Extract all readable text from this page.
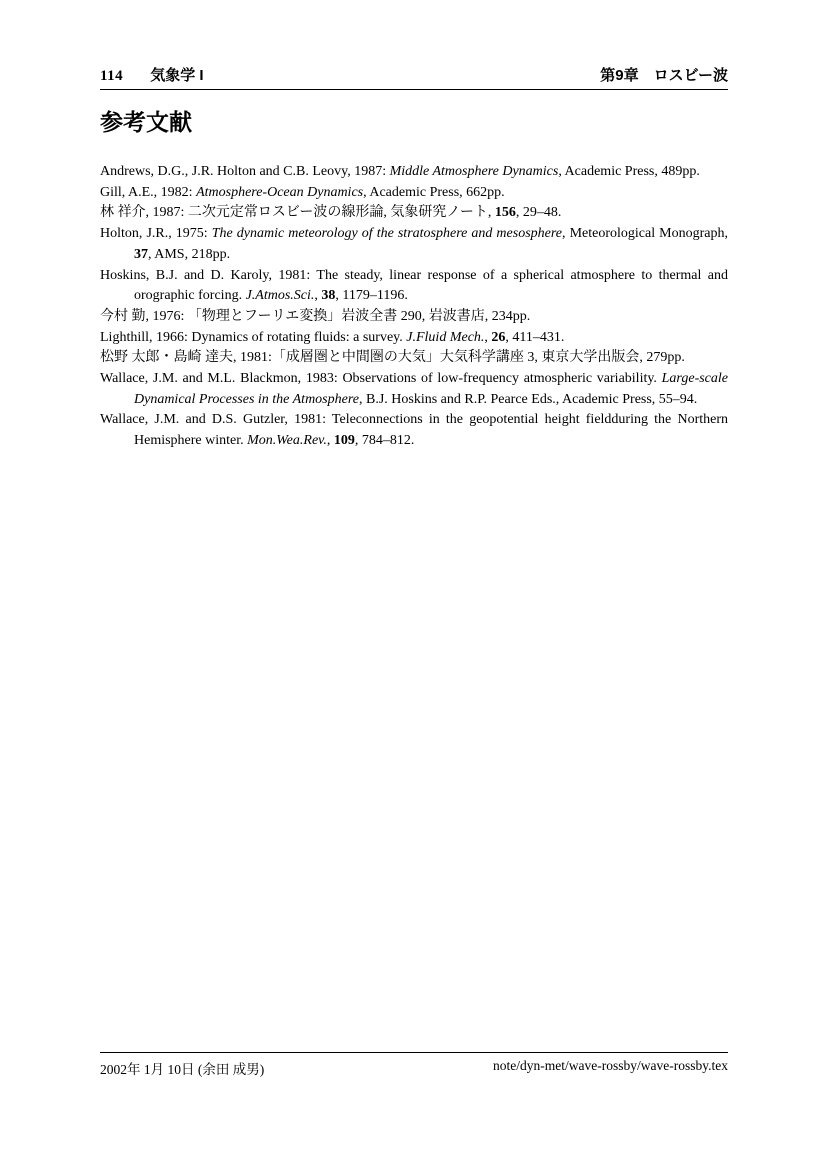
114 気象学 I	第9章　ロスビー波
参考文献
Andrews, D.G., J.R. Holton and C.B. Leovy, 1987: Middle Atmosphere Dynamics, Academic Press, 489pp.
Gill, A.E., 1982: Atmosphere-Ocean Dynamics, Academic Press, 662pp.
林 祥介, 1987: 二次元定常ロスビー波の線形論, 気象研究ノート, 156, 29–48.
Holton, J.R., 1975: The dynamic meteorology of the stratosphere and mesosphere, Meteorological Monograph, 37, AMS, 218pp.
Hoskins, B.J. and D. Karoly, 1981: The steady, linear response of a spherical atmosphere to thermal and orographic forcing. J.Atmos.Sci., 38, 1179–1196.
今村 勤, 1976: 「物理とフーリエ変換」岩波全書 290, 岩波書店, 234pp.
Lighthill, 1966: Dynamics of rotating fluids: a survey. J.Fluid Mech., 26, 411–431.
松野 太郎・島崎 達夫, 1981:「成層圏と中間圏の大気」大気科学講座 3, 東京大学出版会, 279pp.
Wallace, J.M. and M.L. Blackmon, 1983: Observations of low-frequency atmospheric variability. Large-scale Dynamical Processes in the Atmosphere, B.J. Hoskins and R.P. Pearce Eds., Academic Press, 55–94.
Wallace, J.M. and D.S. Gutzler, 1981: Teleconnections in the geopotential height fieldduring the Northern Hemisphere winter. Mon.Wea.Rev., 109, 784–812.
2002年 1月 10日 (余田 成男)	note/dyn-met/wave-rossby/wave-rossby.tex
